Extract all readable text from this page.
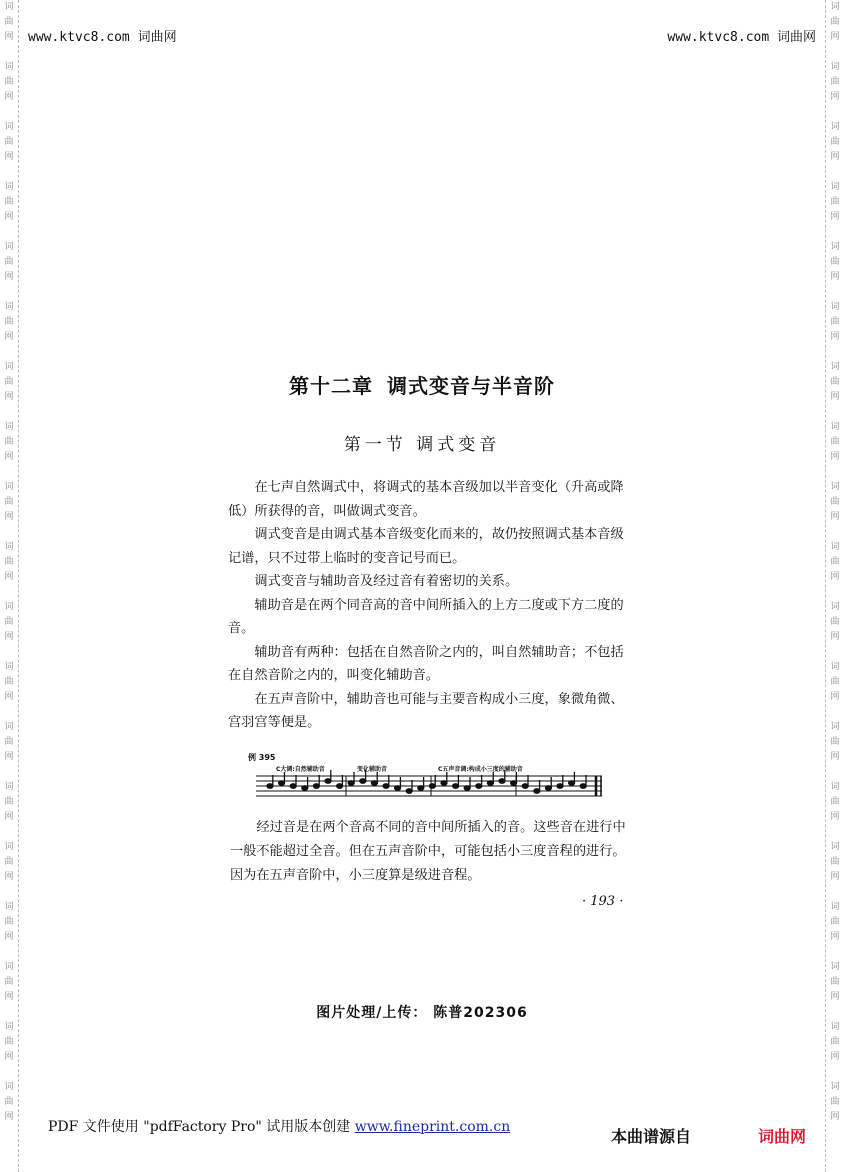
词
曲
网
词
曲
网
词
曲
网
词
曲
网
词
曲
网
词
曲
网
词
曲
网
词
曲
网
词
曲
网
词
曲
网
词
曲
网
词
曲
网
词
曲
网
词
曲
网
词
曲
网
词
曲
网
词
曲
网
词
曲
网
词
曲
网
词
曲
网
词
曲
网
词
曲
网
词
曲
网
词
曲
网
词
曲
网
词
曲
网
词
曲
网
词
曲
网
词
曲
网
词
曲
网
词
曲
网
词
曲
网
词
曲
网
词
曲
网
词
曲
网
词
曲
网
词
曲
网
词
曲
网
www.ktvc8.com 词曲网	www.ktvc8.com 词曲网
第十二章 调式变音与半音阶
第一节 调式变音

在七声自然调式中，将调式的基本音级加以半音变化（升高或降低）所获得的音，叫做调式变音。

调式变音是由调式基本音级变化而来的，故仍按照调式基本音级记谱，只不过带上临时的变音记号而已。

调式变音与辅助音及经过音有着密切的关系。

辅助音是在两个同音高的音中间所插入的上方二度或下方二度的音。

辅助音有两种：包括在自然音阶之内的，叫自然辅助音；不包括在自然音阶之内的，叫变化辅助音。

在五声音阶中，辅助音也可能与主要音构成小三度，象微角微、宫羽宫等便是。

例 395
C大调:自然辅助音	变化辅助音	C五声音调:构成小三度的辅助音

经过音是在两个音高不同的音中间所插入的音。这些音在进行中一般不能超过全音。但在五声音阶中，可能包括小三度音程的进行。因为在五声音阶中，小三度算是级进音程。

· 193 ·
图片处理/上传： 陈普202306
PDF 文件使用 "pdfFactory Pro" 试用版本创建 www.fineprint.com.cn	本曲谱源自	词曲网
